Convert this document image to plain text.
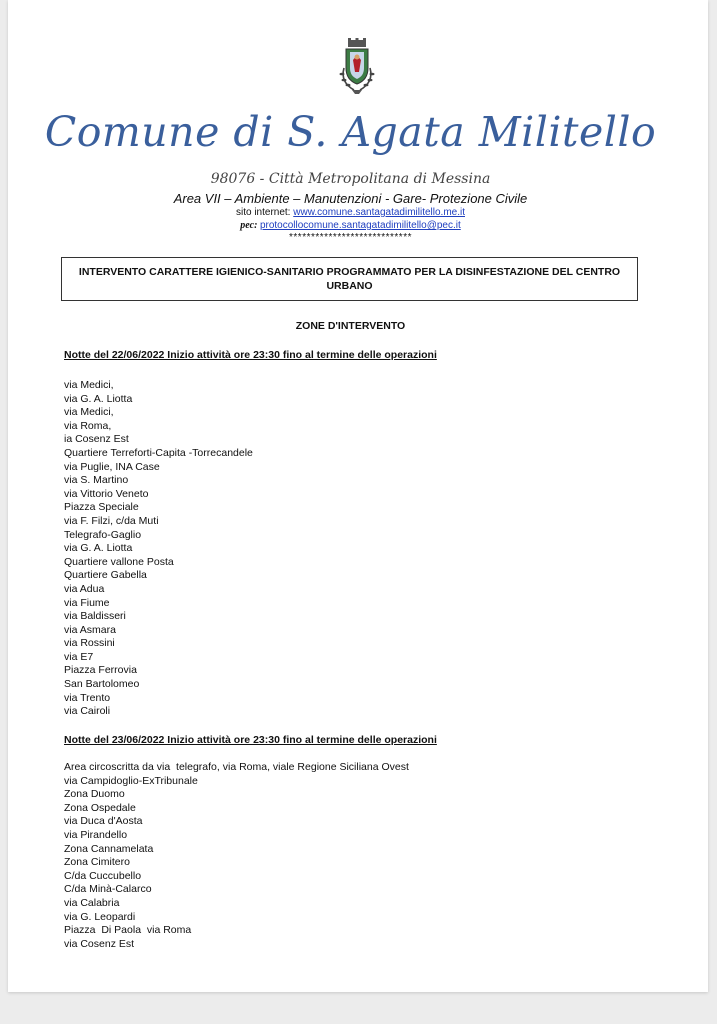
Comune di S. Agata Militello
98076 - Città Metropolitana di Messina
Area VII – Ambiente – Manutenzioni - Gare- Protezione Civile
sito internet: www.comune.santagatadimilitello.me.it
pec: protocollocomune.santagatadimilitello@pec.it
****************************
INTERVENTO CARATTERE IGIENICO-SANITARIO PROGRAMMATO PER LA DISINFESTAZIONE DEL CENTRO URBANO
ZONE D'INTERVENTO
Notte del 22/06/2022 Inizio attività ore 23:30 fino al termine delle operazioni
via Medici,
via G. A. Liotta
via Medici,
via Roma,
ia Cosenz Est
Quartiere Terreforti-Capita -Torrecandele
via Puglie, INA Case
via S. Martino
via Vittorio Veneto
Piazza Speciale
via F. Filzi, c/da Muti
Telegrafo-Gaglio
via G. A. Liotta
Quartiere vallone Posta
Quartiere Gabella
via Adua
via Fiume
via Baldisseri
via Asmara
via Rossini
via E7
Piazza Ferrovia
San Bartolomeo
via Trento
via Cairoli
Notte del 23/06/2022 Inizio attività ore 23:30 fino al termine delle operazioni
Area circoscritta da via  telegrafo, via Roma, viale Regione Siciliana Ovest
via Campidoglio-ExTribunale
Zona Duomo
Zona Ospedale
via Duca d'Aosta
via Pirandello
Zona Cannamelata
Zona Cimitero
C/da Cuccubello
C/da Minà-Calarco
via Calabria
via G. Leopardi
Piazza  Di Paola  via Roma
via Cosenz Est
